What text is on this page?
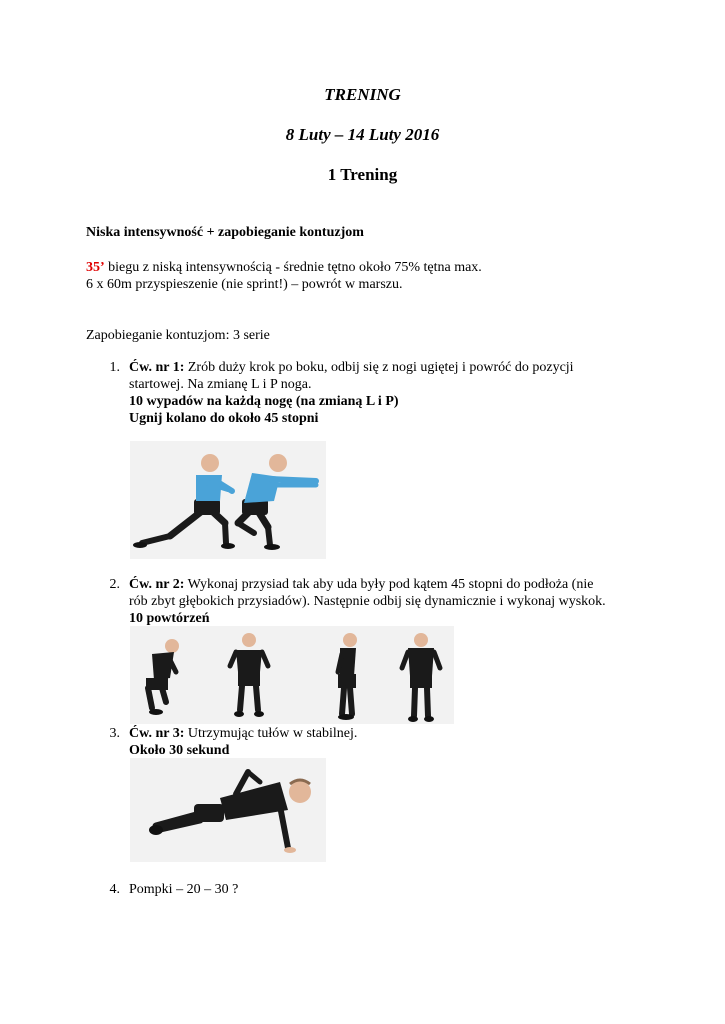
TRENING
8 Luty – 14 Luty 2016
1 Trening
Niska intensywność + zapobieganie kontuzjom
35’ biegu z niską intensywnością - średnie tętno około 75% tętna max.
6 x 60m przyspieszenie (nie sprint!) – powrót w marszu.
Zapobieganie kontuzjom: 3 serie
1. Ćw. nr 1: Zrób duży krok po boku, odbij się z nogi ugiętej i powróć do pozycji
startowej. Na zmianę L i P noga.
10 wypadów na każdą nogę (na zmianą L i P)
Ugnij kolano do około 45 stopni
2. Ćw. nr 2: Wykonaj przysiad tak aby uda były pod kątem 45 stopni do podłoża (nie
rób zbyt głębokich przysiadów). Następnie odbij się dynamicznie i wykonaj wyskok.
10 powtórzeń
3. Ćw. nr 3: Utrzymując tułów w stabilnej.
Około 30 sekund
4. Pompki – 20 – 30 ?
